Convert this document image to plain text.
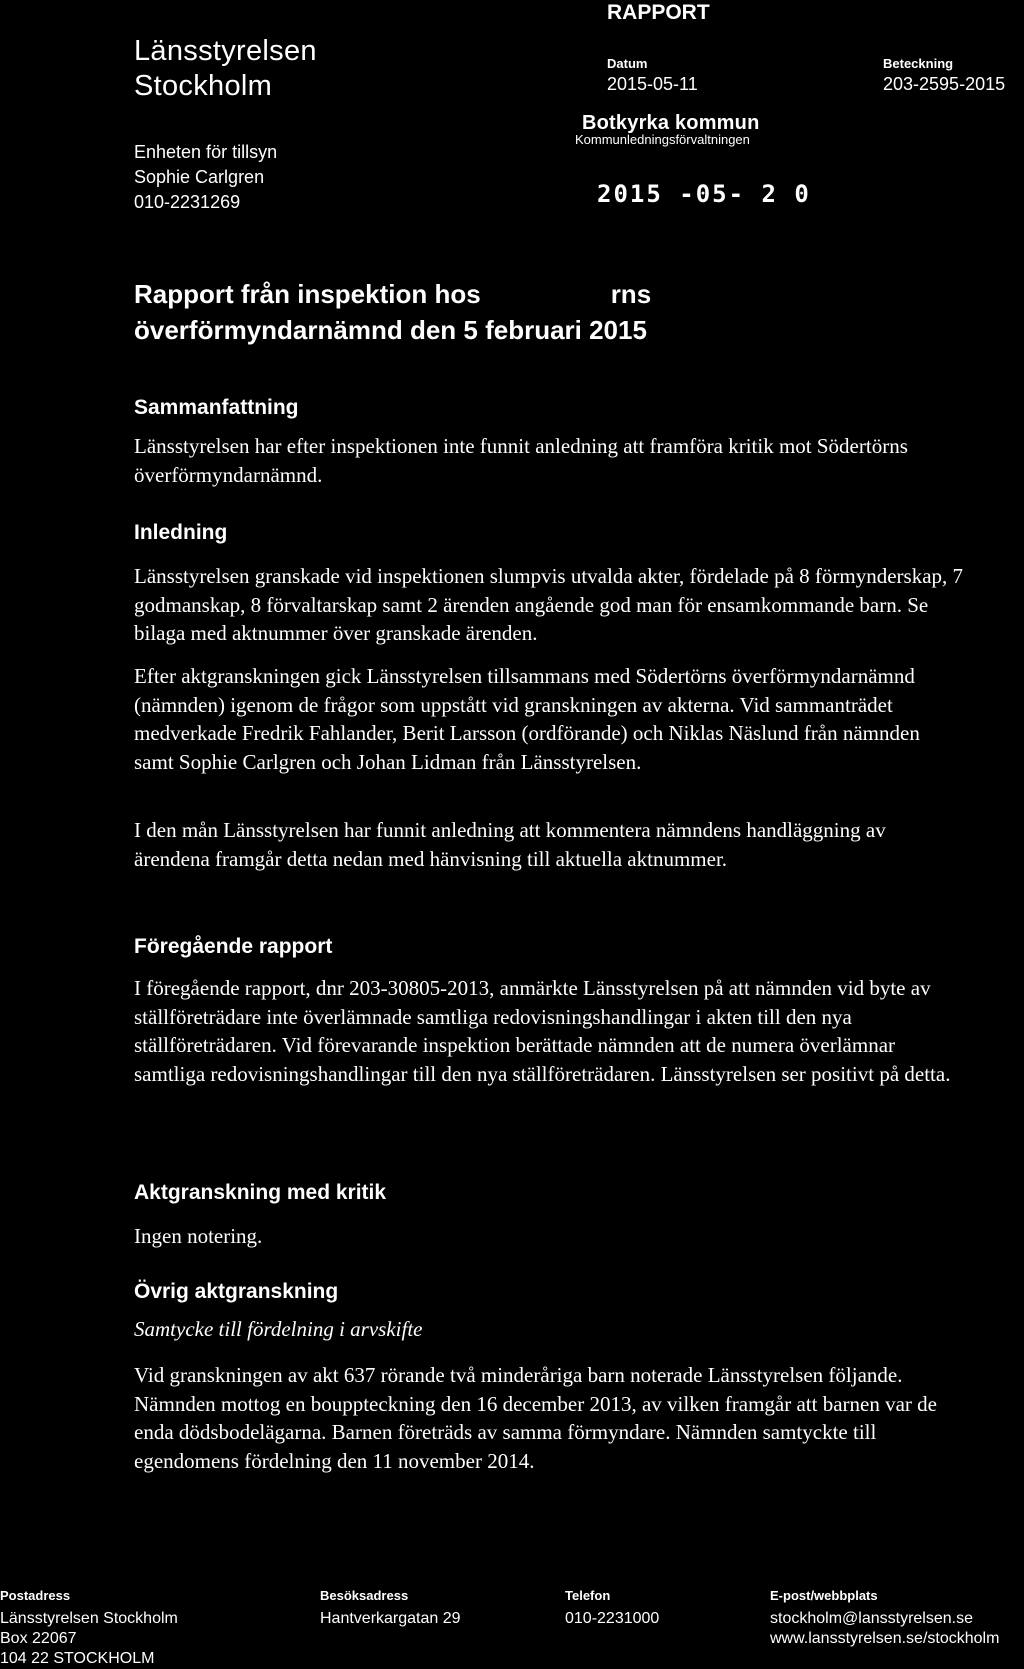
Länsstyrelsen
Stockholm
Enheten för tillsyn
Sophie Carlgren
010-2231269
RAPPORT
Datum
2015-05-11
Beteckning
203-2595-2015
Botkyrka kommun
Kommunledningsförvaltningen
2015 -05- 2 0
Rapport från inspektion hos	rns
överförmyndarnämnd den 5 februari 2015
Sammanfattning

Länsstyrelsen har efter inspektionen inte funnit anledning att framföra kritik mot Södertörns överförmyndarnämnd.

Inledning

Länsstyrelsen granskade vid inspektionen slumpvis utvalda akter, fördelade på 8 förmynderskap, 7 godmanskap, 8 förvaltarskap samt 2 ärenden angående god man för ensamkommande barn. Se bilaga med aktnummer över granskade ärenden.

Efter aktgranskningen gick Länsstyrelsen tillsammans med Södertörns överförmyndarnämnd (nämnden) igenom de frågor som uppstått vid granskningen av akterna. Vid sammanträdet medverkade Fredrik Fahlander, Berit Larsson (ordförande) och Niklas Näslund från nämnden samt Sophie Carlgren och Johan Lidman från Länsstyrelsen.

I den mån Länsstyrelsen har funnit anledning att kommentera nämndens handläggning av ärendena framgår detta nedan med hänvisning till aktuella aktnummer.

Föregående rapport

I föregående rapport, dnr 203-30805-2013, anmärkte Länsstyrelsen på att nämnden vid byte av ställföreträdare inte överlämnade samtliga redovisningshandlingar i akten till den nya ställföreträdaren. Vid förevarande inspektion berättade nämnden att de numera överlämnar samtliga redovisningshandlingar till den nya ställföreträdaren. Länsstyrelsen ser positivt på detta.

Aktgranskning med kritik

Ingen notering.

Övrig aktgranskning
Samtycke till fördelning i arvskifte

Vid granskningen av akt 637 rörande två minderåriga barn noterade Länsstyrelsen följande. Nämnden mottog en bouppteckning den 16 december 2013, av vilken framgår att barnen var de enda dödsbodelägarna. Barnen företräds av samma förmyndare. Nämnden samtyckte till egendomens fördelning den 11 november 2014.

Postadress
Länsstyrelsen Stockholm
Box 22067
104 22 STOCKHOLM
Besöksadress
Hantverkargatan 29
Telefon
010-2231000
E-post/webbplats
stockholm@lansstyrelsen.se
www.lansstyrelsen.se/stockholm
